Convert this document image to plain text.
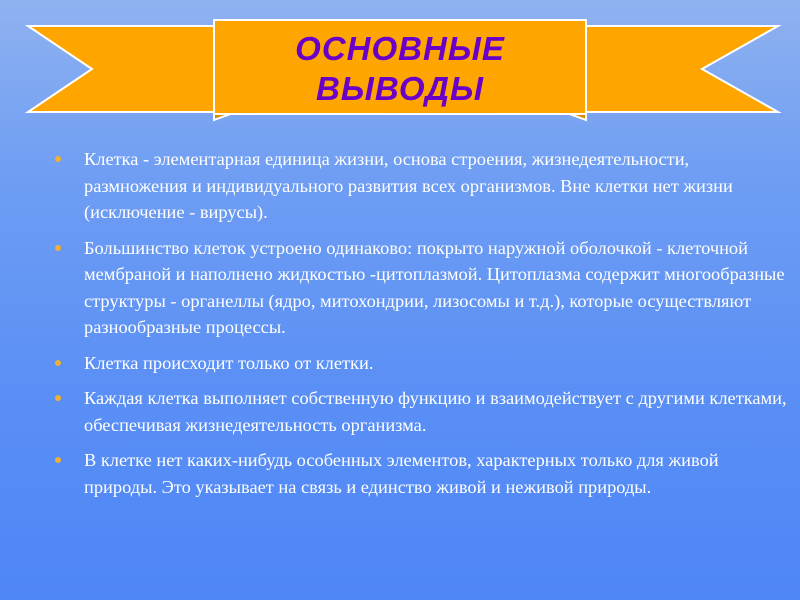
ОСНОВНЫЕ
ВЫВОДЫ
Клетка - элементарная единица жизни, основа строения, жизнедеятельности, размножения и индивидуального развития всех организмов. Вне клетки нет жизни (исключение - вирусы).
Большинство клеток устроено одинаково: покрыто наружной оболочкой - клеточной мембраной и наполнено жидкостью -цитоплазмой. Цитоплазма содержит многообразные структуры - органеллы (ядро, митохондрии, лизосомы и т.д.), которые осуществляют разнообразные процессы.
Клетка происходит только от клетки.
Каждая клетка выполняет собственную функцию и взаимодействует с другими клетками, обеспечивая жизнедеятельность организма.
В клетке нет каких-нибудь особенных элементов, характерных только для живой природы. Это указывает на связь и единство живой и неживой природы.
